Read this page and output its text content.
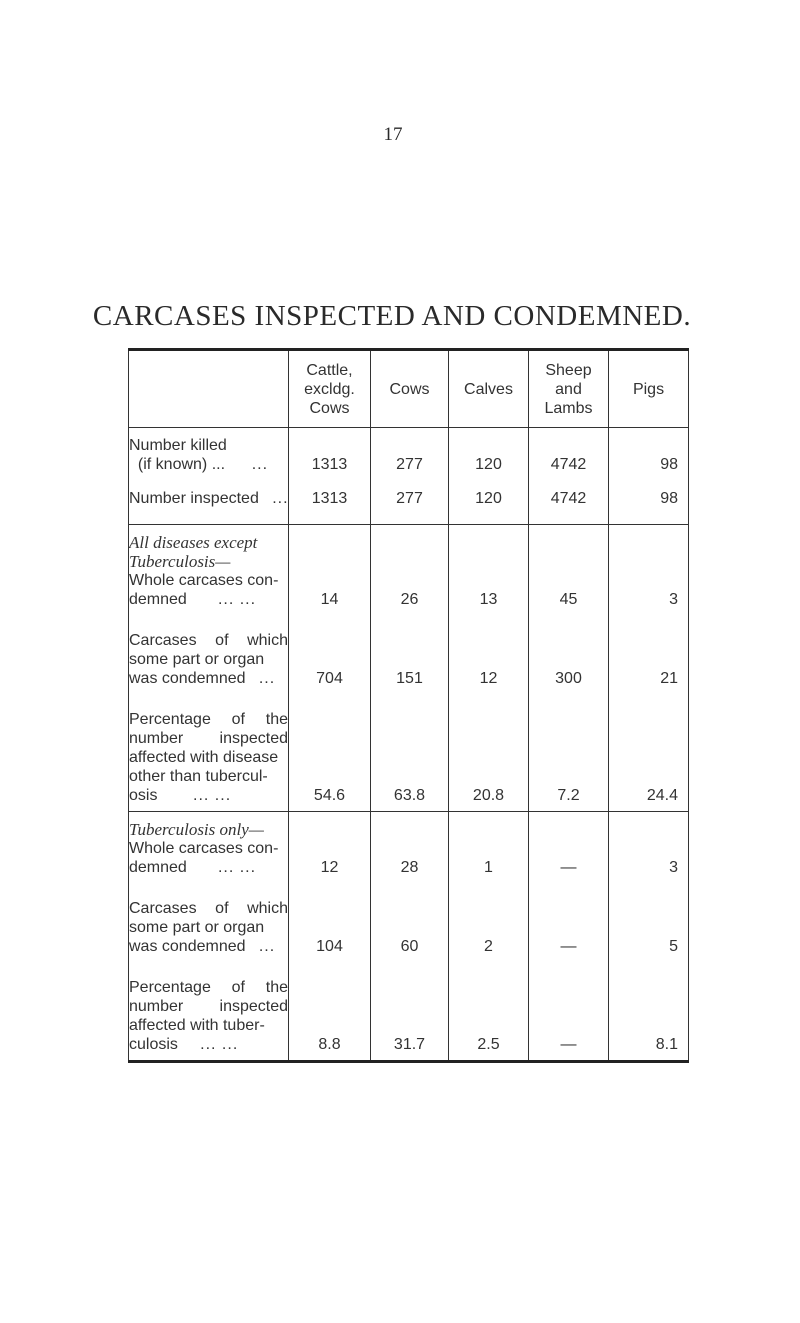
17
CARCASES INSPECTED AND CONDEMNED.
	Cattle,
excldg.
Cows	Cows	Calves	Sheep
and
Lambs	Pigs

Number killed
(if known) ... ...	1313	277	120	4742	98

Number inspected ...	1313	277	120	4742	98

All diseases except
Tuberculosis—
Whole carcases con-
demned ... ...	14	26	13	45	3

Carcases of which
some part or organ
was condemned ...	704	151	12	300	21

Percentage of the
number inspected
affected with disease
other than tubercul-
osis ... ...	54.6	63.8	20.8	7.2	24.4

Tuberculosis only—
Whole carcases con-
demned ... ...	12	28	1	—	3

Carcases of which
some part or organ
was condemned ...	104	60	2	—	5

Percentage of the
number inspected
affected with tuber-
culosis ... ...	8.8	31.7	2.5	—	8.1
